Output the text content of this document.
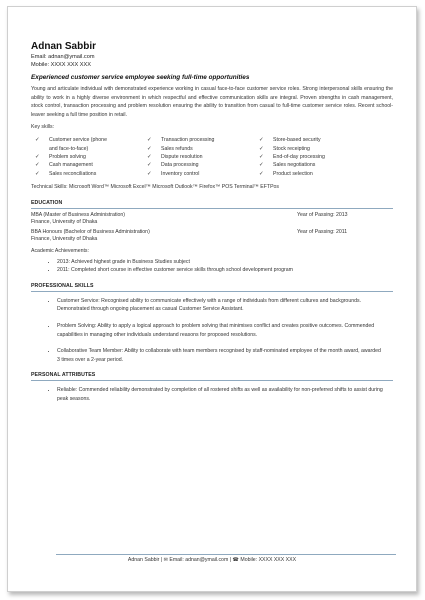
Adnan Sabbir
Email: adnan@ymail.com
Mobile: XXXX XXX XXX
Experienced customer service employee seeking full-time opportunities
Young and articulate individual with demonstrated experience working in casual face-to-face customer service roles. Strong interpersonal skills ensuring the ability to work in a highly diverse environment in which respectful and effective communication skills are integral. Proven strengths in cash management, stock control, transaction processing and problem resolution ensuring the ability to transition from casual to full-time customer service roles. Recent school-leaver seeking a full time position in retail.
Key skills:
✓ Customer service (phone
and face-to-face)
✓ Problem solving
✓ Cash management
✓ Sales reconciliations
✓ Transaction processing
✓ Sales refunds
✓ Dispute resolution
✓ Data processing
✓ Inventory control
✓ Store-based security
✓ Stock receipting
✓ End-of-day processing
✓ Sales negotiations
✓ Product selection
Technical Skills: Microsoft Word™ Microsoft Excel™ Microsoft Outlook™ Firefox™ POS Terminal™ EFTPos
EDUCATION
MBA (Master of Business Administration)	Year of Passing: 2013
Finance, University of Dhaka
BBA Honours (Bachelor of Business Administration)	Year of Passing: 2011
Finance, University of Dhaka
Academic Achievements:
• 2013: Achieved highest grade in Business Studies subject
• 2011: Completed short course in effective customer service skills through school development program
PROFESSIONAL SKILLS
• Customer Service: Recognised ability to communicate effectively with a range of individuals from different cultures and backgrounds. Demonstrated through ongoing placement as casual Customer Service Assistant.
• Problem Solving: Ability to apply a logical approach to problem solving that minimises conflict and creates positive outcomes. Commended capabilities in managing other individuals understand reasons for proposed resolutions.
• Collaborative Team Member: Ability to collaborate with team members recognised by staff-nominated employee of the month award, awarded 3 times over a 2-year period.
PERSONAL ATTRIBUTES
• Reliable: Commended reliability demonstrated by completion of all rostered shifts as well as availability for non-preferred shifts to assist during peak seasons.
Adnan Sabbir | ✉ Email: adnan@ymail.com | ☎ Mobile: XXXX XXX XXX
